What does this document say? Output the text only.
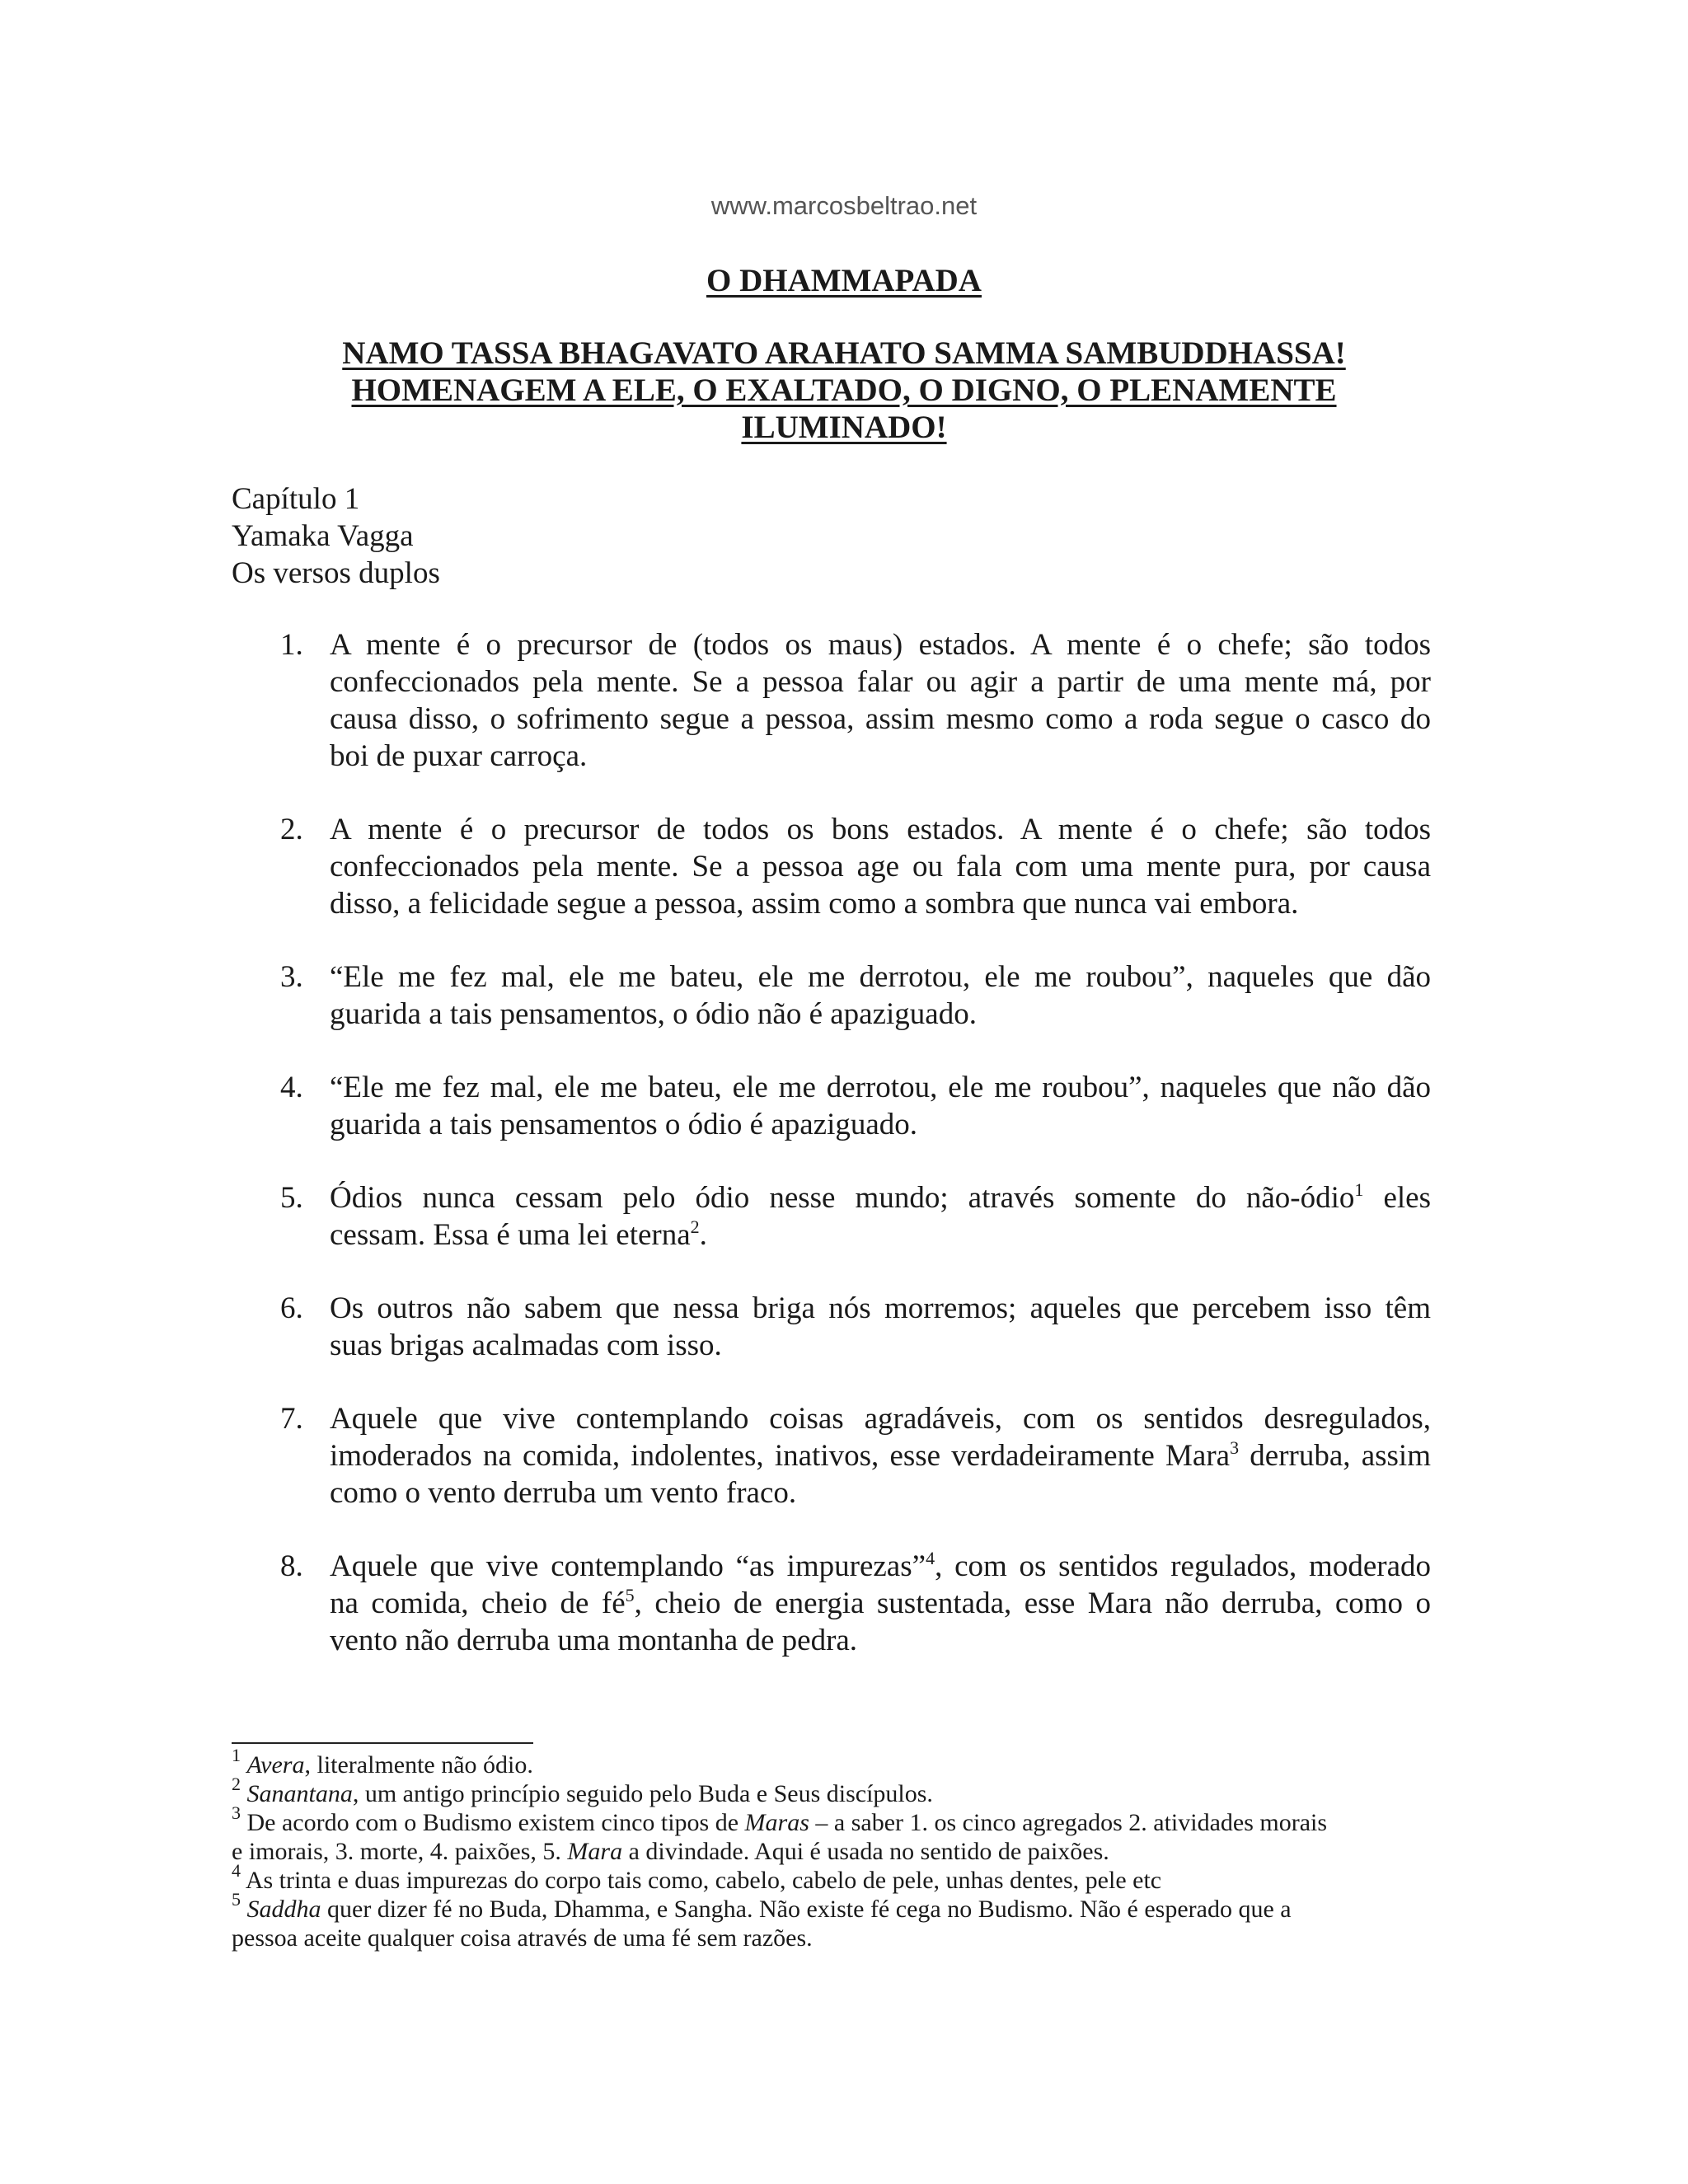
www.marcosbeltrao.net
O DHAMMAPADA
NAMO TASSA BHAGAVATO ARAHATO SAMMA SAMBUDDHASSA!
HOMENAGEM A ELE, O EXALTADO, O DIGNO, O PLENAMENTE
ILUMINADO!
Capítulo 1
Yamaka Vagga
Os versos duplos
1. A mente é o precursor de (todos os maus) estados. A mente é o chefe; são todos
confeccionados pela mente. Se a pessoa falar ou agir a partir de uma mente má, por
causa disso, o sofrimento segue a pessoa, assim mesmo como a roda segue o casco do
boi de puxar carroça.
2. A mente é o precursor de todos os bons estados. A mente é o chefe; são todos
confeccionados pela mente. Se a pessoa age ou fala com uma mente pura, por causa
disso, a felicidade segue a pessoa, assim como a sombra que nunca vai embora.
3. “Ele me fez mal, ele me bateu, ele me derrotou, ele me roubou”, naqueles que dão
guarida a tais pensamentos, o ódio não é apaziguado.
4. “Ele me fez mal, ele me bateu, ele me derrotou, ele me roubou”, naqueles que não dão
guarida a tais pensamentos o ódio é apaziguado.
5. Ódios nunca cessam pelo ódio nesse mundo; através somente do não-ódio$^1$ eles
cessam. Essa é uma lei eterna$^2$.
6. Os outros não sabem que nessa briga nós morremos; aqueles que percebem isso têm
suas brigas acalmadas com isso.
7. Aquele que vive contemplando coisas agradáveis, com os sentidos desregulados,
imoderados na comida, indolentes, inativos, esse verdadeiramente Mara$^3$ derruba, assim
como o vento derruba um vento fraco.
8. Aquele que vive contemplando “as impurezas”$^4$, com os sentidos regulados, moderado
na comida, cheio de $fé^5$, cheio de energia sustentada, esse Mara não derruba, como o
vento não derruba uma montanha de pedra.
$^1$ Avera, literalmente não ódio.
$^2$ Sanantana, um antigo princípio seguido pelo Buda e Seus discípulos.
$^3$ De acordo com o Budismo existem cinco tipos de Maras – a saber 1. os cinco agregados 2. atividades morais
e imorais, 3. morte, 4. paixões, 5. Mara a divindade. Aqui é usada no sentido de paixões.
$^4$ As trinta e duas impurezas do corpo tais como, cabelo, cabelo de pele, unhas dentes, pele etc
$^5$ Saddha quer dizer fé no Buda, Dhamma, e Sangha. Não existe fé cega no Budismo. Não é esperado que a
pessoa aceite qualquer coisa através de uma fé sem razões.
